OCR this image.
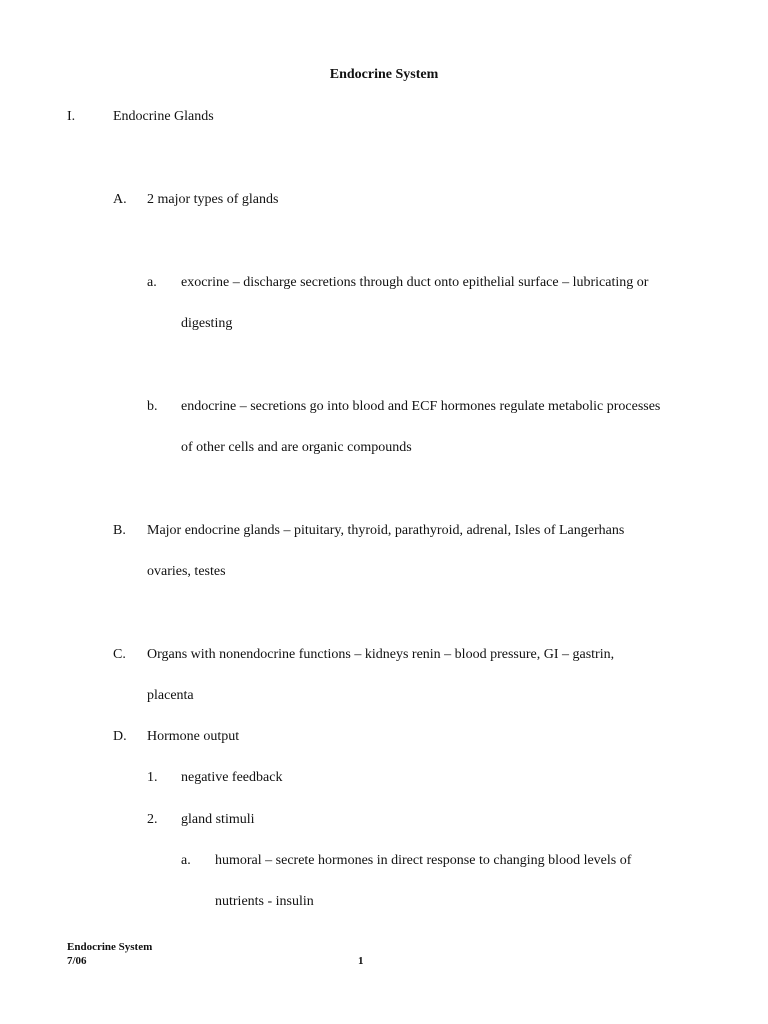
Endocrine System
I.	Endocrine Glands
A. 2 major types of glands
a. exocrine – discharge secretions through duct onto epithelial surface – lubricating or
digesting
b. endocrine – secretions go into blood and ECF hormones regulate metabolic processes
of other cells and are organic compounds
B. Major endocrine glands – pituitary, thyroid, parathyroid, adrenal, Isles of Langerhans
ovaries, testes
C. Organs with nonendocrine functions – kidneys renin – blood pressure, GI – gastrin,
placenta
D. Hormone output
1. negative feedback
2. gland stimuli
a. humoral – secrete hormones in direct response to changing blood levels of
nutrients - insulin
Endocrine System
7/06	1
